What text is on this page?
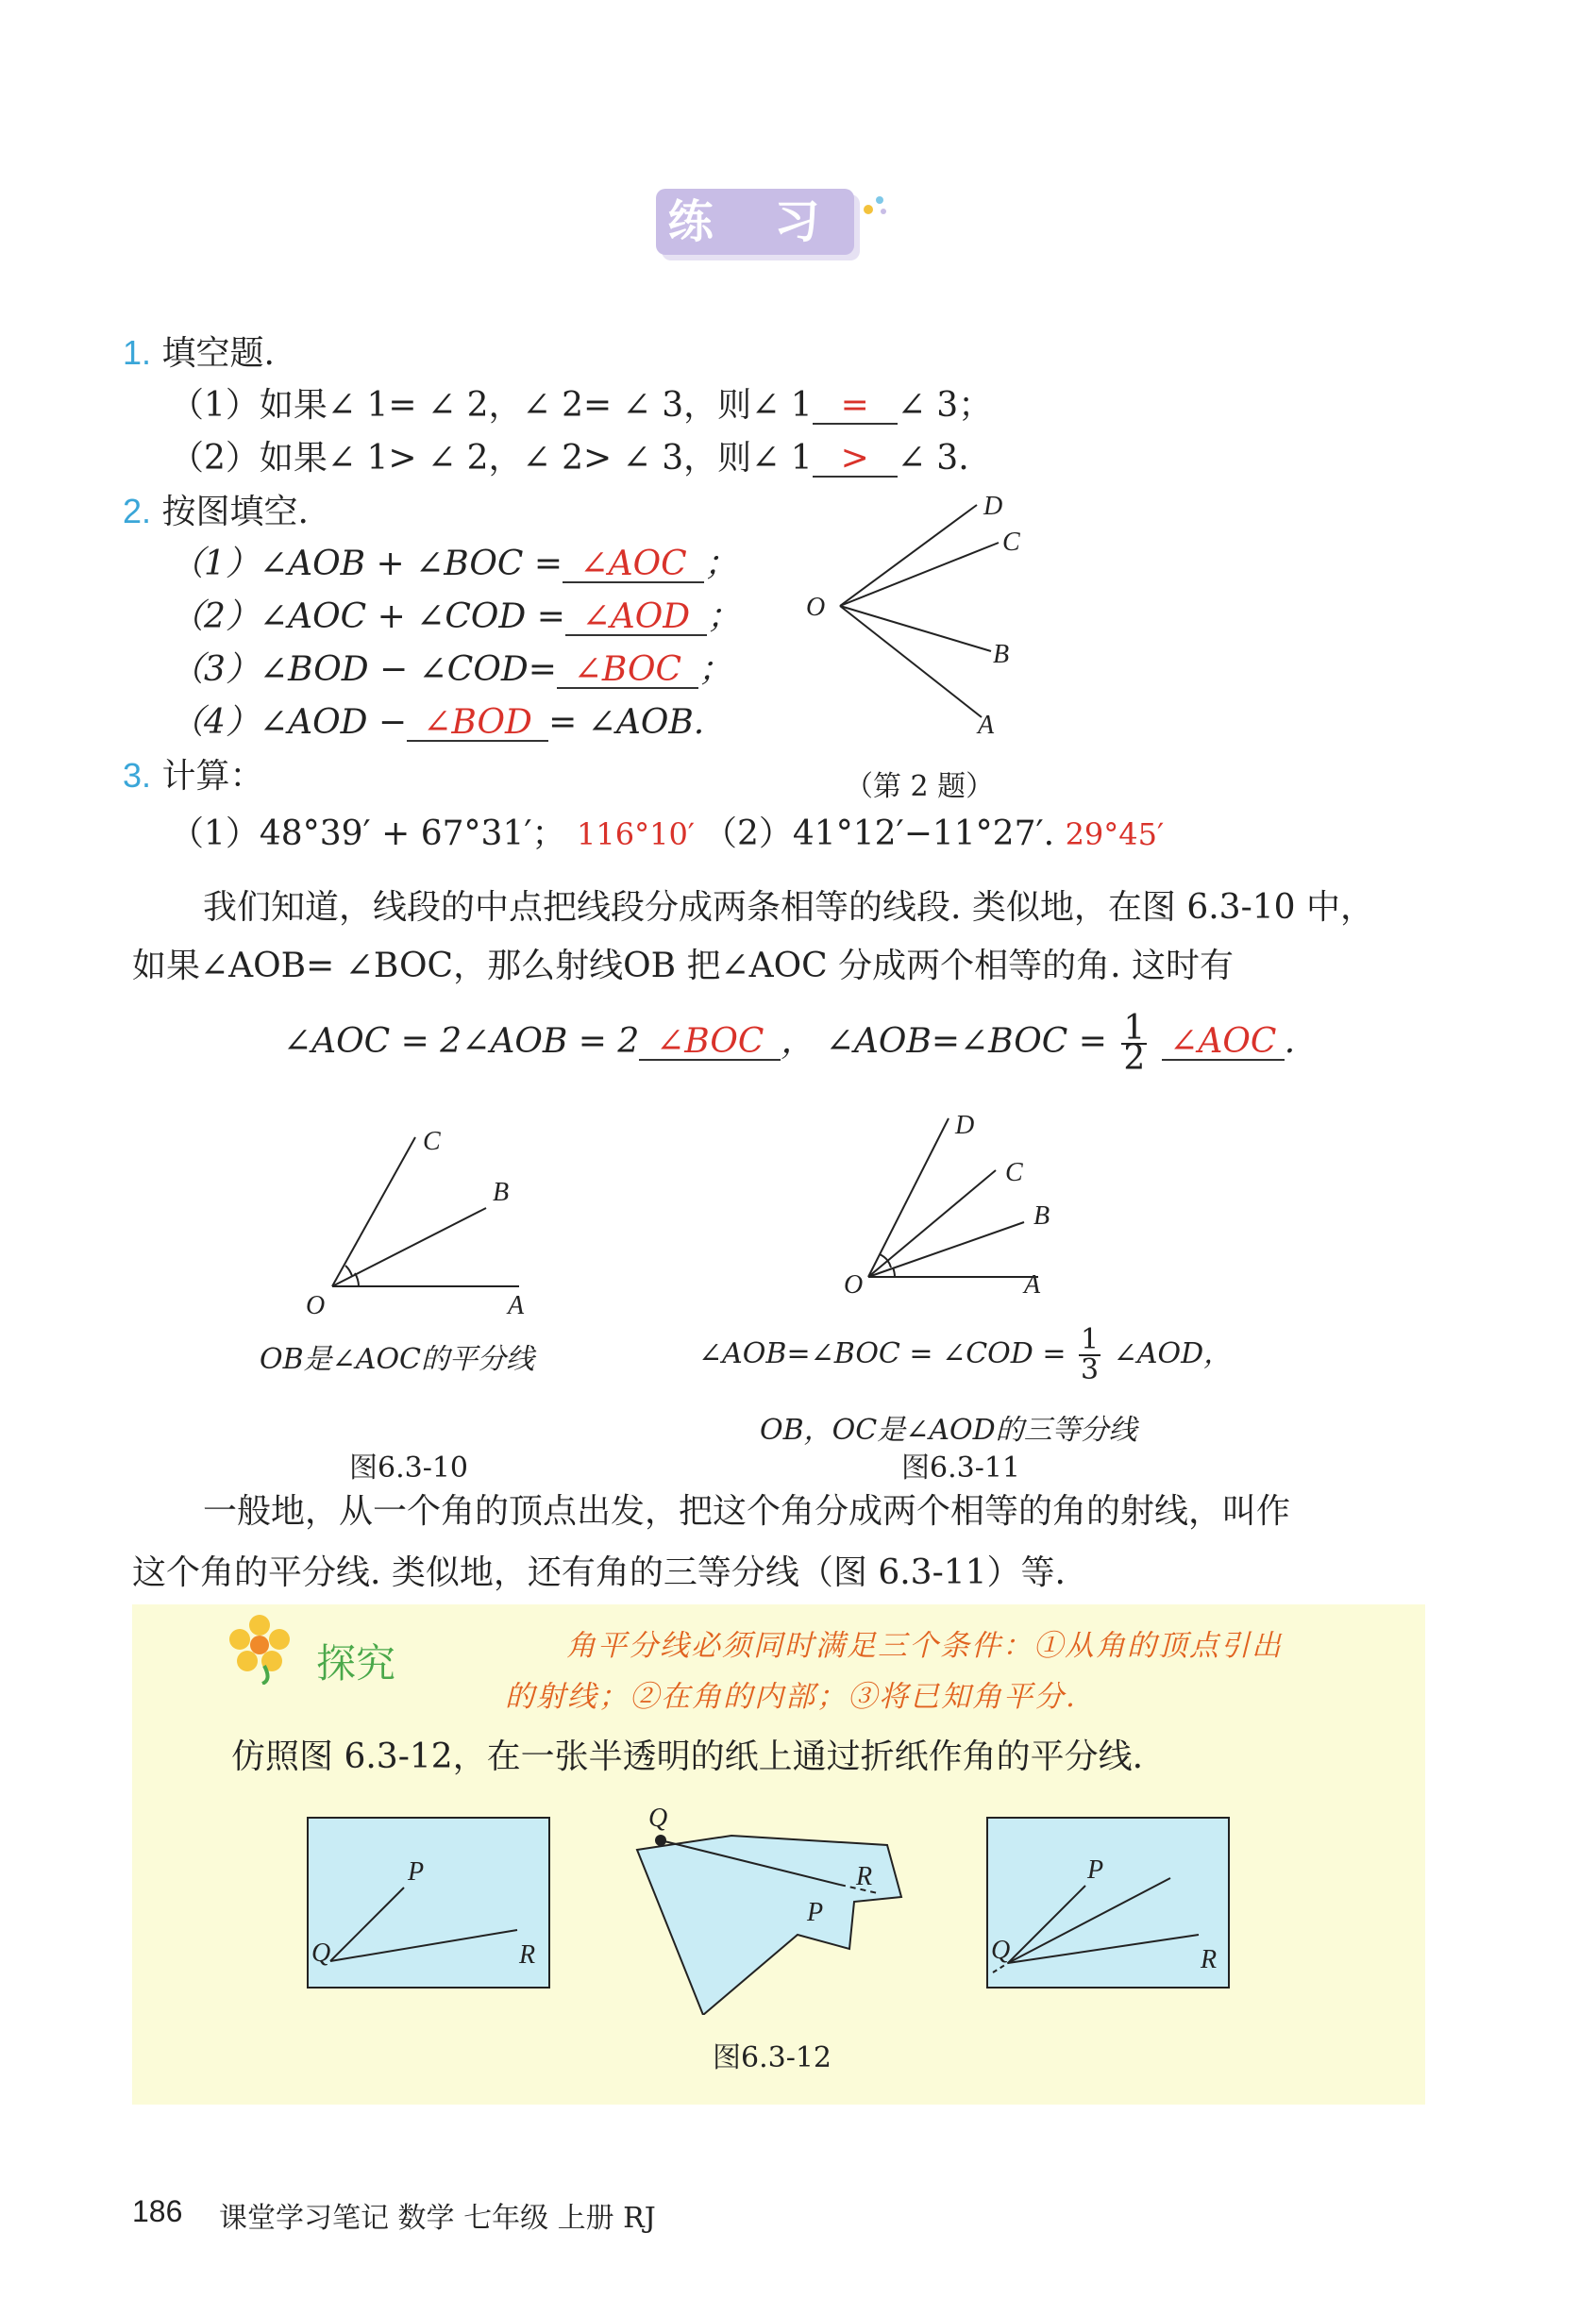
练 习
1. 填空题.
（1）如果∠ 1= ∠ 2，∠ 2= ∠ 3，则∠ 1 = ∠ 3；
（2）如果∠ 1> ∠ 2，∠ 2> ∠ 3，则∠ 1 > ∠ 3.
2. 按图填空.
（1）∠AOB + ∠BOC = ∠AOC ；
（2）∠AOC + ∠COD = ∠AOD ；
（3）∠BOD − ∠COD= ∠BOC ；
（4）∠AOD − ∠BOD = ∠AOB.
D
C
O
B
A
（第 2 题）
3. 计算：
（1）48°39′ + 67°31′； 116°10′ （2）41°12′−11°27′. 29°45′
我们知道，线段的中点把线段分成两条相等的线段. 类似地，在图 6.3-10 中，
如果∠AOB= ∠BOC，那么射线OB 把∠AOC 分成两个相等的角. 这时有
∠AOC = 2∠AOB = 2 ∠BOC ， ∠AOB=∠BOC = $\frac{1}{2}$ ∠AOC .
C
B
O	A
OB是∠AOC的平分线
图6.3-10
D
C
B
O	A
∠AOB=∠BOC = ∠COD = $\frac{1}{3}$ ∠AOD，
OB，OC是∠AOD的三等分线
图6.3-11
一般地，从一个角的顶点出发，把这个角分成两个相等的角的射线，叫作
这个角的平分线. 类似地，还有角的三等分线（图 6.3-11）等.
探究	角平分线必须同时满足三个条件：①从角的顶点引出
的射线；②在角的内部；③将已知角平分.
仿照图 6.3-12，在一张半透明的纸上通过折纸作角的平分线.
P
Q	R
Q
P
R	P
Q	R
图6.3-12
186 课堂学习笔记 数学 七年级 上册 RJ
